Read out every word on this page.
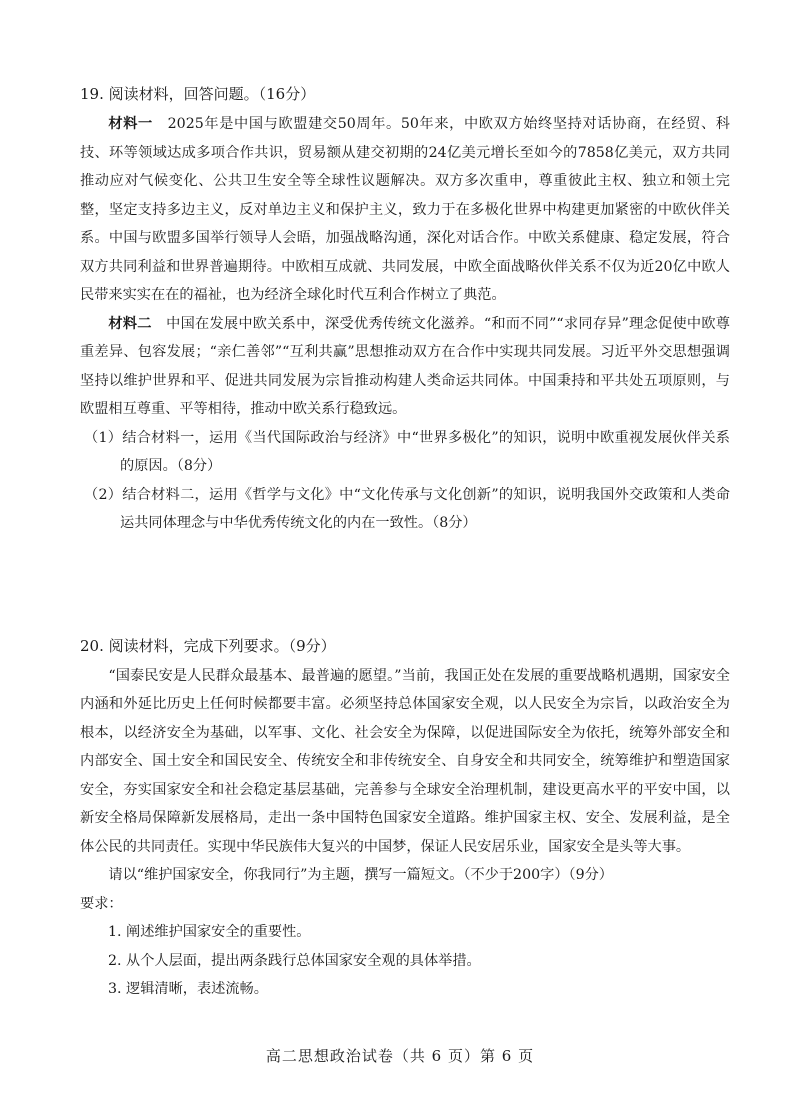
19. 阅读材料，回答问题。（16分）

材料一　2025年是中国与欧盟建交50周年。50年来，中欧双方始终坚持对话协商，在经贸、科技、环等领域达成多项合作共识，贸易额从建交初期的24亿美元增长至如今的7858亿美元，双方共同推动应对气候变化、公共卫生安全等全球性议题解决。双方多次重申，尊重彼此主权、独立和领土完整，坚定支持多边主义，反对单边主义和保护主义，致力于在多极化世界中构建更加紧密的中欧伙伴关系。中国与欧盟多国举行领导人会晤，加强战略沟通，深化对话合作。中欧关系健康、稳定发展，符合双方共同利益和世界普遍期待。中欧相互成就、共同发展，中欧全面战略伙伴关系不仅为近20亿中欧人民带来实实在在的福祉，也为经济全球化时代互利合作树立了典范。

材料二　中国在发展中欧关系中，深受优秀传统文化滋养。“和而不同”“求同存异”理念促使中欧尊重差异、包容发展；“亲仁善邻”“互利共赢”思想推动双方在合作中实现共同发展。习近平外交思想强调坚持以维护世界和平、促进共同发展为宗旨推动构建人类命运共同体。中国秉持和平共处五项原则，与欧盟相互尊重、平等相待，推动中欧关系行稳致远。

（1）结合材料一，运用《当代国际政治与经济》中“世界多极化”的知识，说明中欧重视发展伙伴关系的原因。（8分）

（2）结合材料二，运用《哲学与文化》中“文化传承与文化创新”的知识，说明我国外交政策和人类命运共同体理念与中华优秀传统文化的内在一致性。（8分）

20. 阅读材料，完成下列要求。（9分）

“国泰民安是人民群众最基本、最普遍的愿望。”当前，我国正处在发展的重要战略机遇期，国家安全内涵和外延比历史上任何时候都要丰富。必须坚持总体国家安全观，以人民安全为宗旨，以政治安全为根本，以经济安全为基础，以军事、文化、社会安全为保障，以促进国际安全为依托，统筹外部安全和内部安全、国土安全和国民安全、传统安全和非传统安全、自身安全和共同安全，统筹维护和塑造国家安全，夯实国家安全和社会稳定基层基础，完善参与全球安全治理机制，建设更高水平的平安中国，以新安全格局保障新发展格局，走出一条中国特色国家安全道路。维护国家主权、安全、发展利益，是全体公民的共同责任。实现中华民族伟大复兴的中国梦，保证人民安居乐业，国家安全是头等大事。

请以“维护国家安全，你我同行”为主题，撰写一篇短文。（不少于200字）（9分）

要求：

1. 阐述维护国家安全的重要性。

2. 从个人层面，提出两条践行总体国家安全观的具体举措。

3. 逻辑清晰，表述流畅。

高二思想政治试卷（共 6 页）第 6 页
